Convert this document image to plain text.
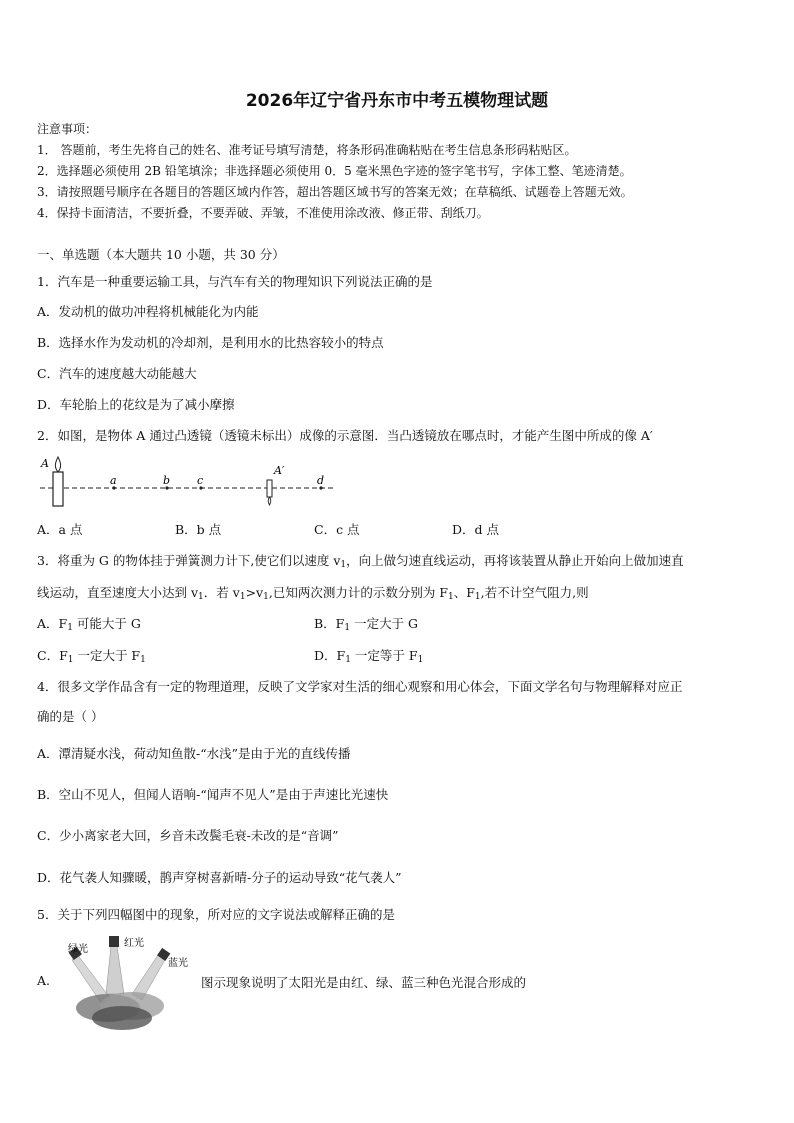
2026年辽宁省丹东市中考五模物理试题
注意事项：
1． 答题前，考生先将自己的姓名、准考证号填写清楚，将条形码准确粘贴在考生信息条形码粘贴区。
2．选择题必须使用 2B 铅笔填涂；非选择题必须使用 0．5 毫米黑色字迹的签字笔书写，字体工整、笔迹清楚。
3．请按照题号顺序在各题目的答题区域内作答，超出答题区域书写的答案无效；在草稿纸、试题卷上答题无效。
4．保持卡面清洁，不要折叠，不要弄破、弄皱，不准使用涂改液、修正带、刮纸刀。
一、单选题（本大题共 10 小题，共 30 分）
1．汽车是一种重要运输工具，与汽车有关的物理知识下列说法正确的是
A．发动机的做功冲程将机械能化为内能
B．选择水作为发动机的冷却剂，是利用水的比热容较小的特点
C．汽车的速度越大动能越大
D．车轮胎上的花纹是为了减小摩擦
2．如图，是物体 A 通过凸透镜（透镜未标出）成像的示意图．当凸透镜放在哪点时，才能产生图中所成的像 A′
A
a	b c	d
A′
A．a 点	B．b 点	C．c 点	D．d 点
3．将重为 G 的物体挂于弹簧测力计下,使它们以速度 $v_1$，向上做匀速直线运动，再将该装置从静止开始向上做加速直
线运动，直至速度大小达到 $v_1$．若 $v_1>v_1$,已知两次测力计的示数分别为 $F_1$、$F_1$,若不计空气阻力,则
A．$F_1$ 可能大于 G	B．$F_1$ 一定大于 G
C．$F_1$ 一定大于 $F_1$	D．$F_1$ 一定等于 $F_1$
4．很多文学作品含有一定的物理道理，反映了文学家对生活的细心观察和用心体会，下面文学名句与物理解释对应正
确的是（ ）
A．潭清疑水浅，荷动知鱼散-“水浅”是由于光的直线传播
B．空山不见人，但闻人语响-“闻声不见人”是由于声速比光速快
C．少小离家老大回，乡音未改鬓毛衰-未改的是“音调”
D．花气袭人知骤暖，鹊声穿树喜新晴-分子的运动导致“花气袭人”
5．关于下列四幅图中的现象，所对应的文字说法或解释正确的是
A.
绿光
红光
蓝光
图示现象说明了太阳光是由红、绿、蓝三种色光混合形成的
